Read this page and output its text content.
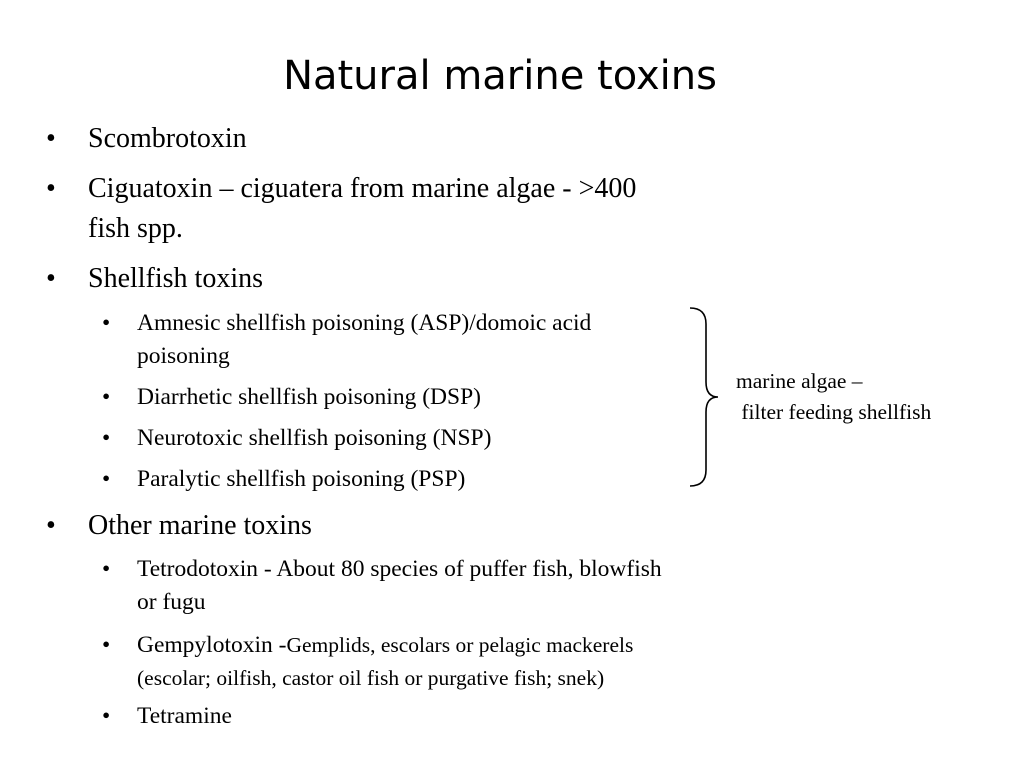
Natural marine toxins
• Scombrotoxin
• Ciguatoxin – ciguatera from marine algae - >400
fish spp.
• Shellfish toxins
• Amnesic shellfish poisoning (ASP)/domoic acid
poisoning
• Diarrhetic shellfish poisoning (DSP)
• Neurotoxic shellfish poisoning (NSP)
• Paralytic shellfish poisoning (PSP)
• Other marine toxins
• Tetrodotoxin - About 80 species of puffer fish, blowfish
or fugu
• Gempylotoxin -Gemplids, escolars or pelagic mackerels
(escolar; oilfish, castor oil fish or purgative fish; snek)
• Tetramine
marine algae –
filter feeding shellfish
